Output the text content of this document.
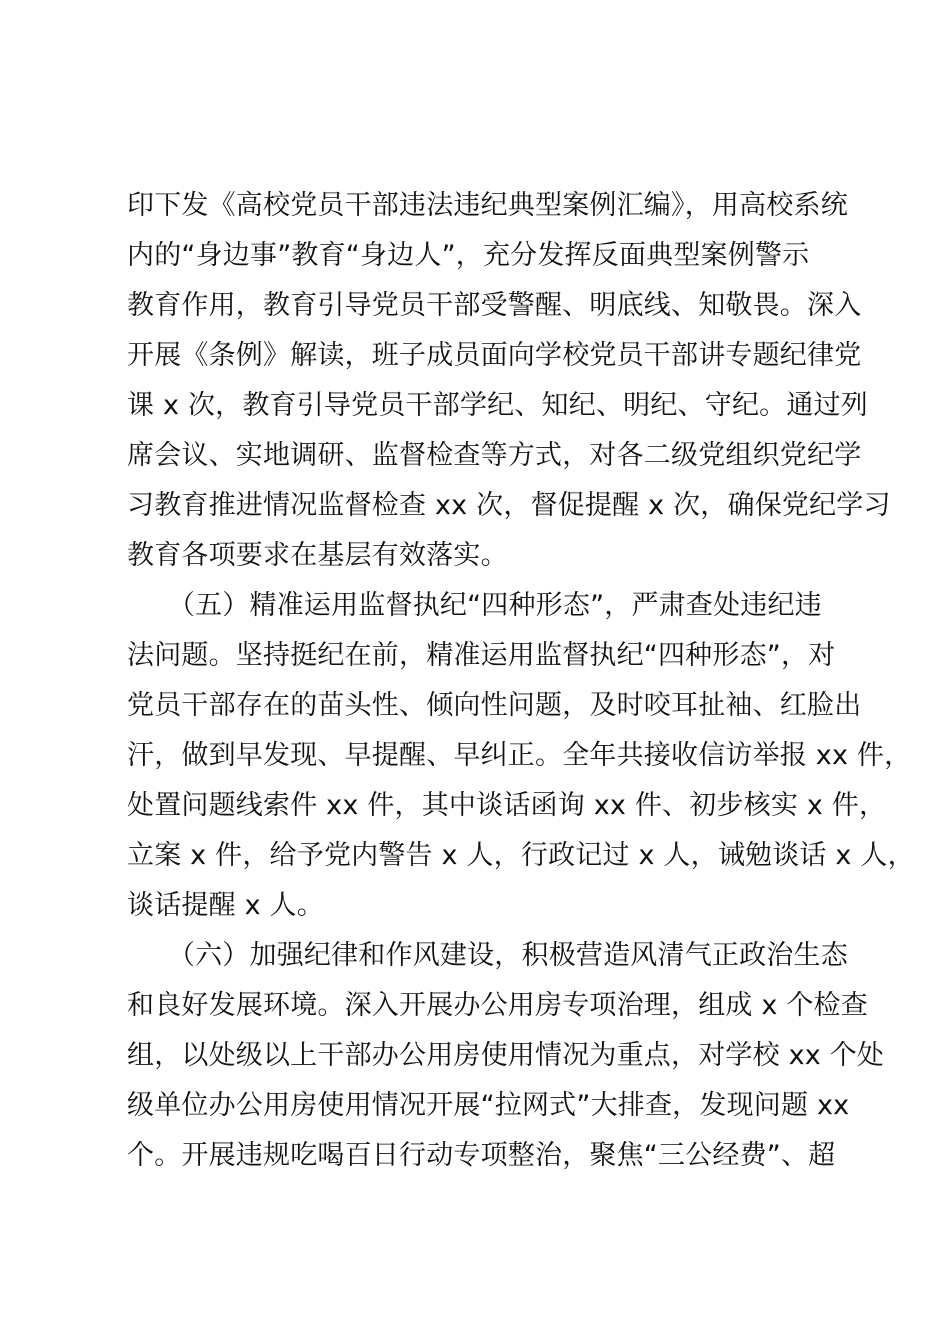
印下发《高校党员干部违法违纪典型案例汇编》，用高校系统
内的“身边事”教育“身边人”，充分发挥反面典型案例警示
教育作用，教育引导党员干部受警醒、明底线、知敬畏。深入
开展《条例》解读，班子成员面向学校党员干部讲专题纪律党
课 x 次，教育引导党员干部学纪、知纪、明纪、守纪。通过列
席会议、实地调研、监督检查等方式，对各二级党组织党纪学
习教育推进情况监督检查 xx 次，督促提醒 x 次，确保党纪学习
教育各项要求在基层有效落实。
　　（五）精准运用监督执纪“四种形态”，严肃查处违纪违
法问题。坚持挺纪在前，精准运用监督执纪“四种形态”，对
党员干部存在的苗头性、倾向性问题，及时咬耳扯袖、红脸出
汗，做到早发现、早提醒、早纠正。全年共接收信访举报 xx 件，
处置问题线索件 xx 件，其中谈话函询 xx 件、初步核实 x 件，
立案 x 件，给予党内警告 x 人，行政记过 x 人，诫勉谈话 x 人，
谈话提醒 x 人。
　　（六）加强纪律和作风建设，积极营造风清气正政治生态
和良好发展环境。深入开展办公用房专项治理，组成 x 个检查
组，以处级以上干部办公用房使用情况为重点，对学校 xx 个处
级单位办公用房使用情况开展“拉网式”大排查，发现问题 xx
个。开展违规吃喝百日行动专项整治，聚焦“三公经费”、超
